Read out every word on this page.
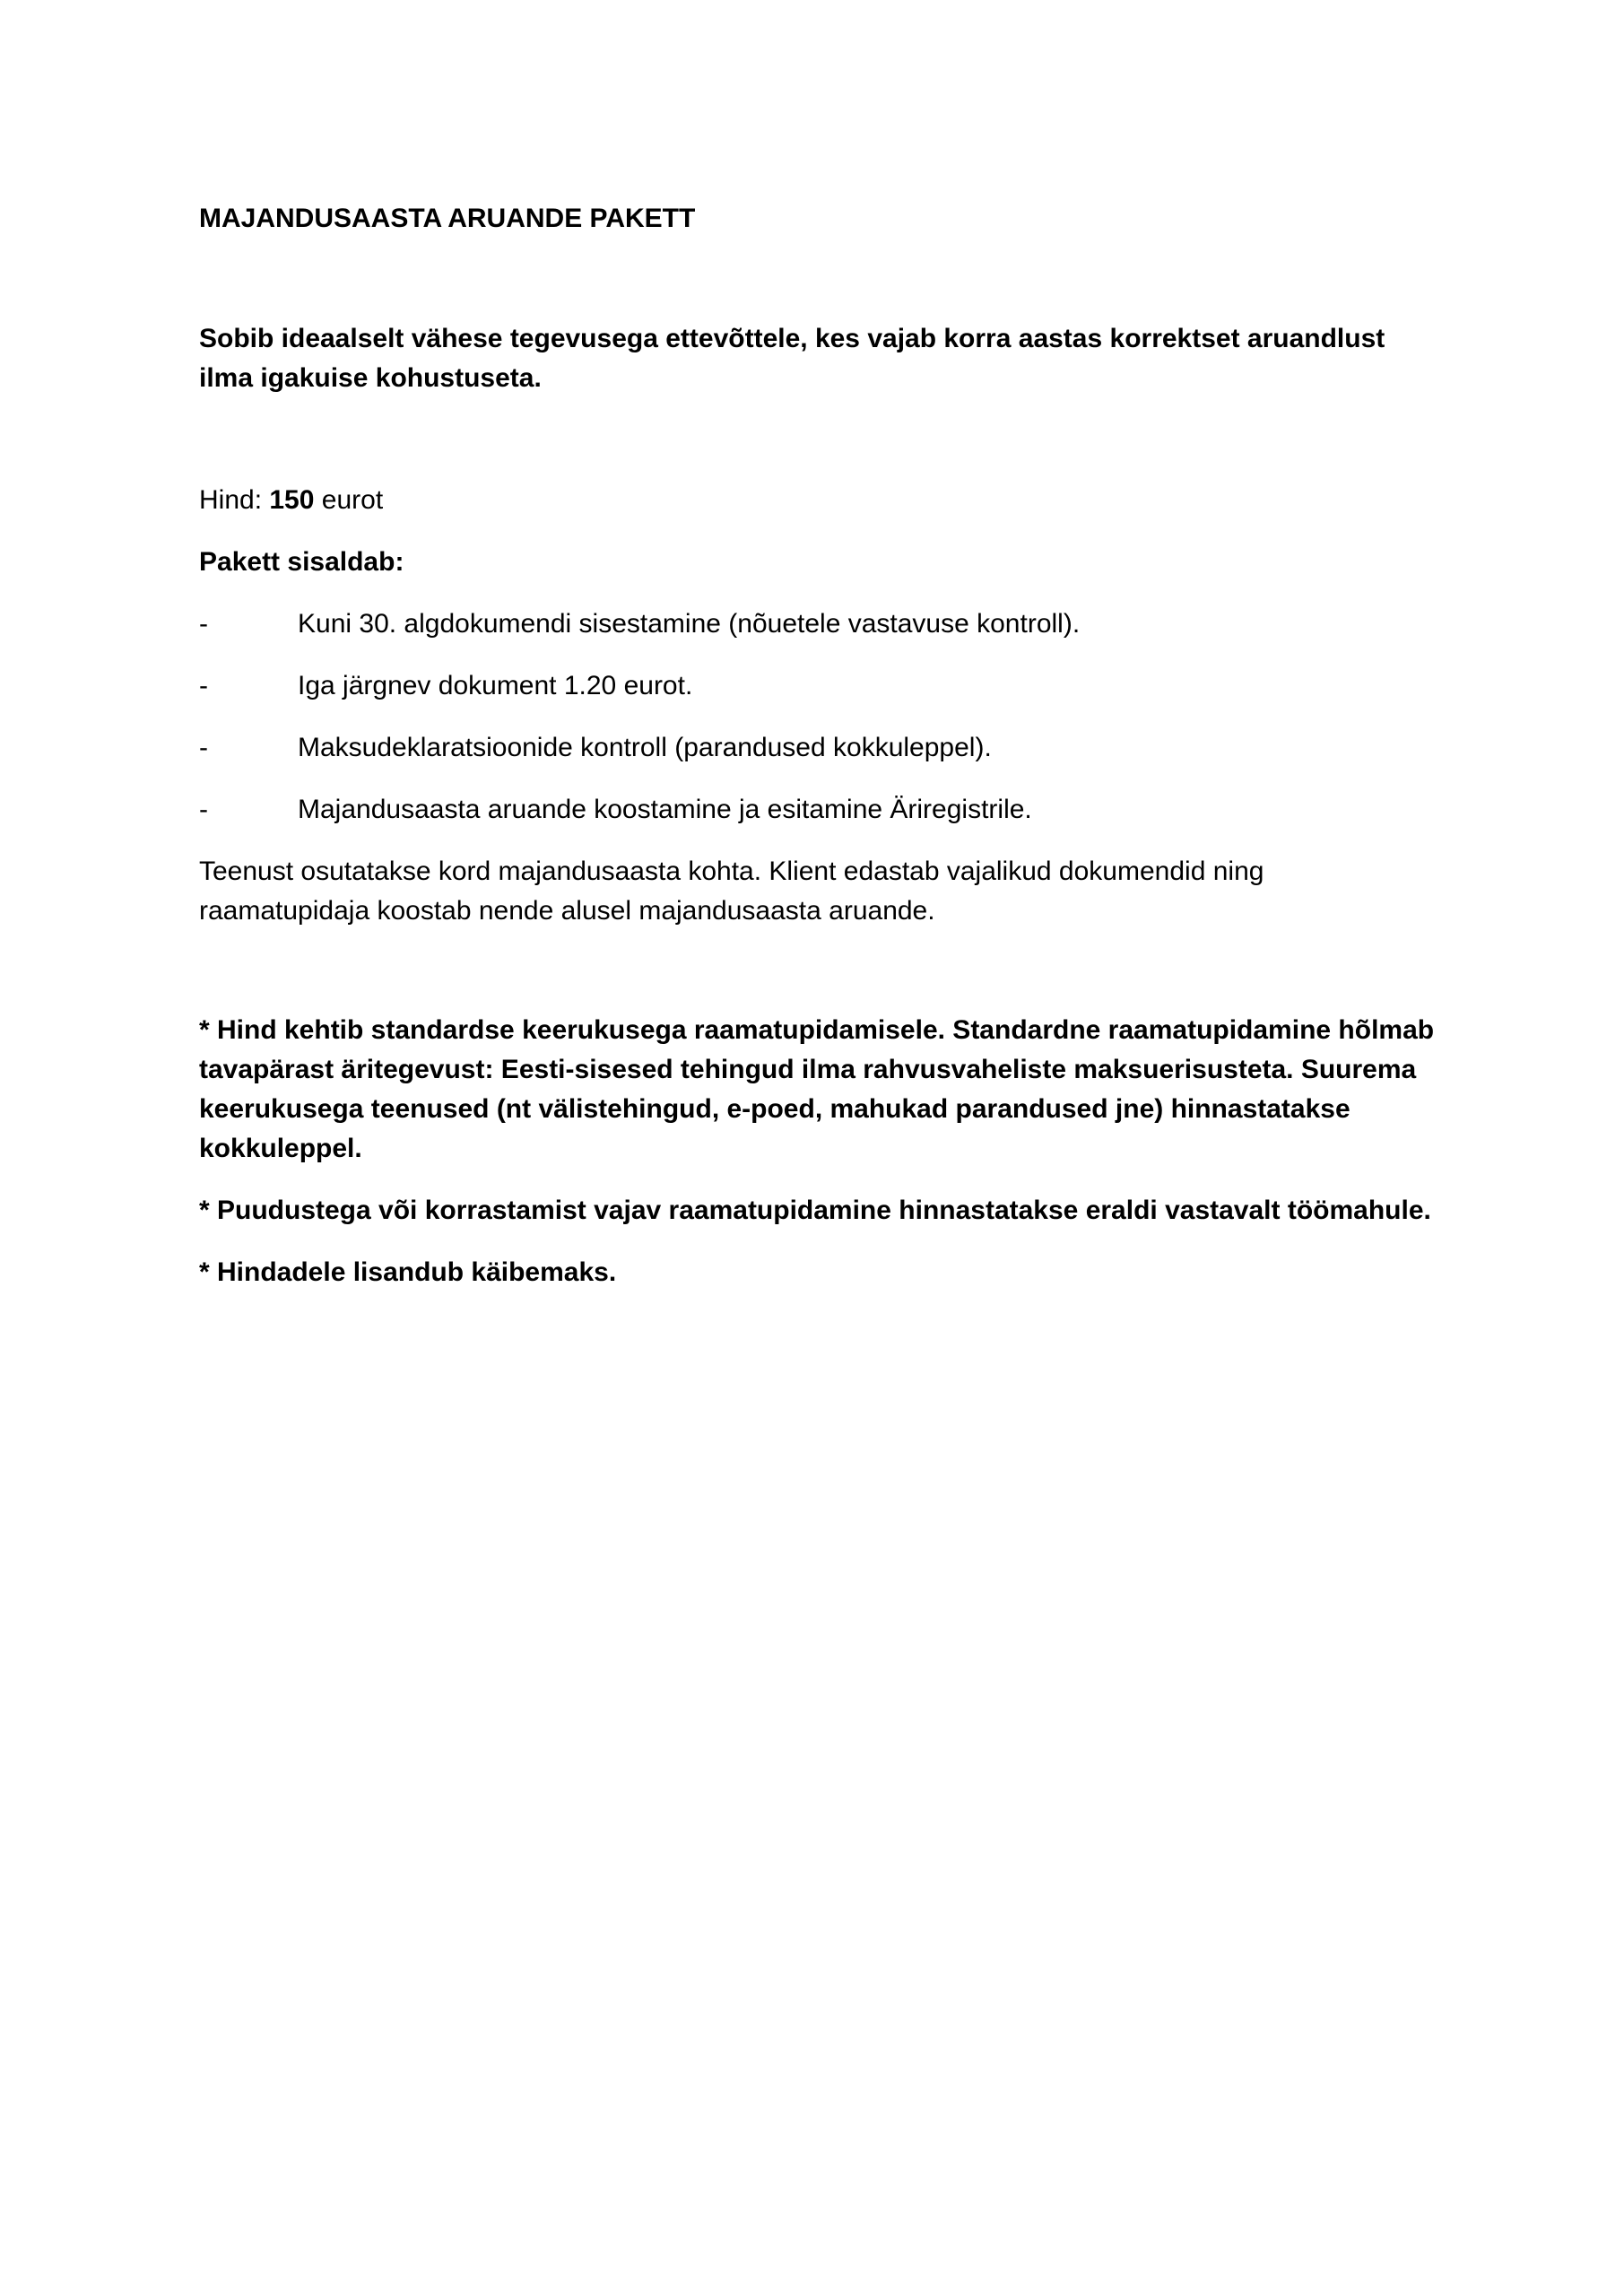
MAJANDUSAASTA ARUANDE PAKETT
Sobib ideaalselt vähese tegevusega ettevõttele, kes vajab korra aastas korrektset aruandlust ilma igakuise kohustuseta.
Hind: 150 eurot
Pakett sisaldab:
-	Kuni 30. algdokumendi sisestamine (nõuetele vastavuse kontroll).
-	Iga järgnev dokument 1.20 eurot.
-	Maksudeklaratsioonide kontroll (parandused kokkuleppel).
-	Majandusaasta aruande koostamine ja esitamine Äriregistrile.
Teenust osutatakse kord majandusaasta kohta. Klient edastab vajalikud dokumendid ning raamatupidaja koostab nende alusel majandusaasta aruande.

* Hind kehtib standardse keerukusega raamatupidamisele. Standardne raamatupidamine hõlmab tavapärast äritegevust: Eesti-sisesed tehingud ilma rahvusvaheliste maksuerisusteta. Suurema keerukusega teenused (nt välistehingud, e-poed, mahukad parandused jne) hinnastatakse kokkuleppel.

* Puudustega või korrastamist vajav raamatupidamine hinnastatakse eraldi vastavalt töömahule.

* Hindadele lisandub käibemaks.
